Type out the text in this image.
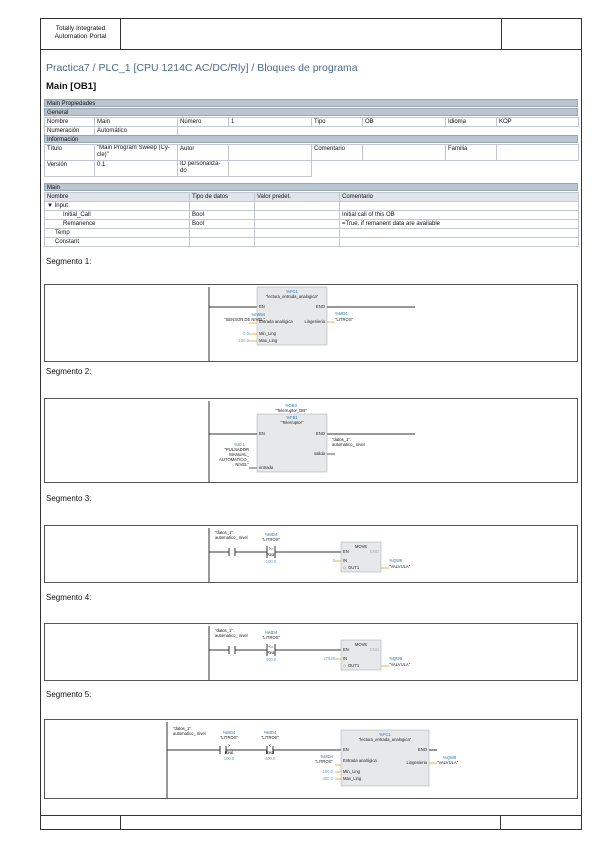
Totally Integrated
Automation Portal
Practica7 / PLC_1 [CPU 1214C AC/DC/Rly] / Bloques de programa
Main [OB1]
Main Propiedades
General
Nombre	Main	Número	1	Tipo	OB	Idioma	KOP
Numeración	Automático						
Información
Título	"Main Program Sweep (Cy-cle)"	Autor		Comentario		Familia	
Versión	0.1	ID personaliza-do					
Main
Nombre	Tipo de datos	Valor predet.	Comentario
▼ Input			
Initial_Call	Bool		Initial call of this OB
Remanence	Bool		=True, if remanent data are available
Temp			
Constant			
Segmento 1:
%FC1
"lectura_entrada_analogica"
EN	ENO
%IW64
"SENSOR DE NIVEL"
Entrada analógica
0.0 Min_Ling
100.0 Max_Ling
Lingenieria
%MD4
"LITROS"
Segmento 2:
%DB3
"Telerruptor_DB"
%FB1
"Telerruptor"
EN	ENO
%I0.1
"PULSADOR MANUAL_ AUTOMATICO_ NIVEL"
entrada
salida
"datos_1". automatico_ nivel
Segmento 3:
"datos_1". automatico_ nivel
%MD4
"LITROS"
>=
Real
100.0
MOVE
EN	ENO
IN
0
◇ OUT1
%QW8
"VALVULA"
Segmento 4:
"datos_1". automatico_ nivel
%MD4
"LITROS"
<=
Real
400.0
MOVE
EN	ENO
IN
27648
◇ OUT1
%QW8
"VALVULA"
Segmento 5:
"datos_1". automatico_ nivel	%MD4
"LITROS"
>
Real
100.0
%MD4
"LITROS"
<
Real
400.0
%FC1
"lectura_entrada_analogica"
EN	ENO
%MD4
"LITROS" Entrada analógica
100.0 Min_Ling
400.0 Max_Ling
Lingenieria
%QW8
"VALVULA"
